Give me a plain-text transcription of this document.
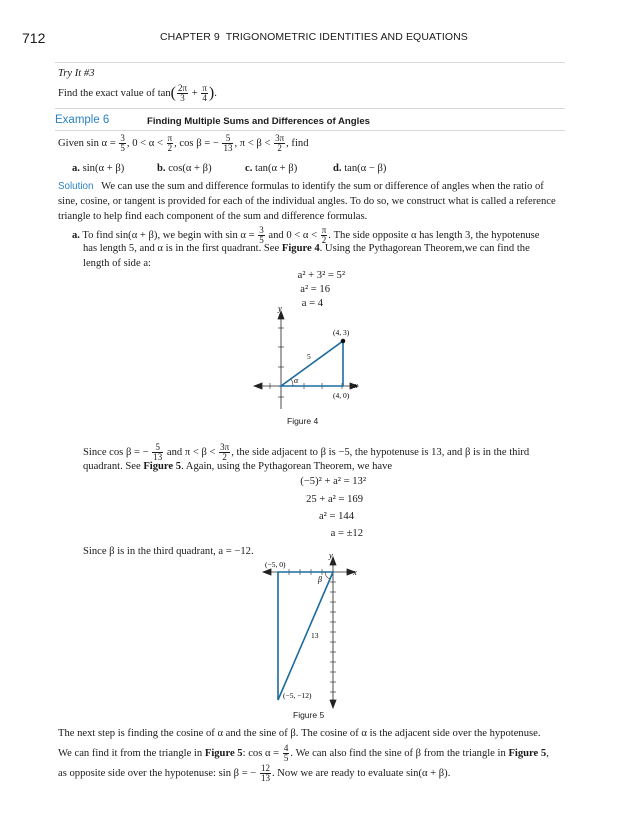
712	CHAPTER 9 TRIGONOMETRIC IDENTITIES AND EQUATIONS
Try It #3
Find the exact value of $\tan( \frac{2\pi}{3} + \frac{\pi}{4}$ ).
Example 6	Finding Multiple Sums and Differences of Angles
Given $\sin \alpha = \frac{3}{5}$ , $0 < \alpha < \frac{\pi}{2}$ , cos β = − $\frac{5}{13}$ , $\pi < \beta < \frac{3\pi}{2}$ , find
a. sin(α + β)	b. cos(α + β)	c. tan(α + β)	d. tan(α − β)
Solution We can use the sum and difference formulas to identify the sum or difference of angles when the ratio of
sine, cosine, or tangent is provided for each of the individual angles. To do so, we construct what is called a reference
triangle to help find each component of the sum and difference formulas.
a. To find sin(α + β), we begin with $\sin \alpha = \frac{3}{5}$ and $0 < \alpha < \frac{\pi}{2}$ . The side opposite α has length 3, the hypotenuse
has length 5, and α is in the first quadrant. See Figure 4. Using the Pythagorean Theorem,we can find the
length of side a:
a² + 3² = 5²
a² = 16
a = 4
y
x
(4, 3)
(4, 0)
5
α
Figure 4
Since cos β = − $\frac{5}{13}$ and $\pi < \beta < \frac{3\pi}{2}$ , the side adjacent to β is −5, the hypotenuse is 13, and β is in the third
quadrant. See Figure 5. Again, using the Pythagorean Theorem, we have
(−5)² + a² = 13²
25 + a² = 169
a² = 144
a = ±12
Since β is in the third quadrant, a = −12.	y
x
(−5, 0)
(−5, −12)
13
β
Figure 5
The next step is finding the cosine of α and the sine of β. The cosine of α is the adjacent side over the hypotenuse.
We can find it from the triangle in Figure 5: $\cos \alpha = \frac{4}{5}$ . We can also find the sine of β from the triangle in Figure 5,
as opposite side over the hypotenuse: sin β = − $\frac{12}{13}$ . Now we are ready to evaluate sin(α + β).
